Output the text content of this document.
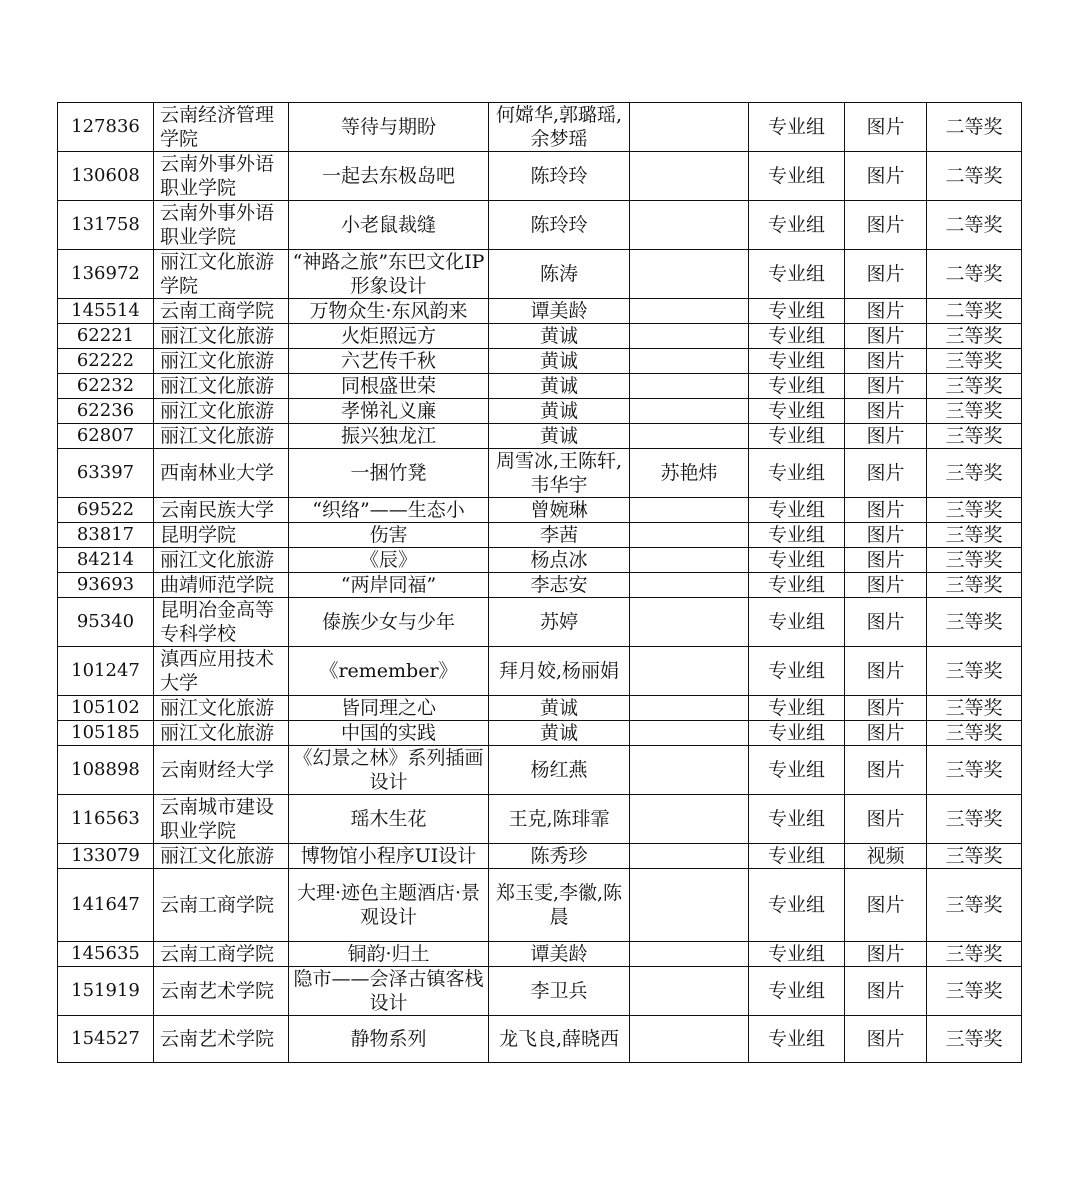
127836	云南经济管理学院	等待与期盼	何嫦华,郭璐瑶,余梦瑶		专业组	图片	二等奖
130608	云南外事外语职业学院	一起去东极岛吧	陈玲玲		专业组	图片	二等奖
131758	云南外事外语职业学院	小老鼠裁缝	陈玲玲		专业组	图片	二等奖
136972	丽江文化旅游学院	“神路之旅”东巴文化IP形象设计	陈涛		专业组	图片	二等奖
145514	云南工商学院	万物众生·东风韵来	谭美龄		专业组	图片	二等奖
62221	丽江文化旅游	火炬照远方	黄诚		专业组	图片	三等奖
62222	丽江文化旅游	六艺传千秋	黄诚		专业组	图片	三等奖
62232	丽江文化旅游	同根盛世荣	黄诚		专业组	图片	三等奖
62236	丽江文化旅游	孝悌礼义廉	黄诚		专业组	图片	三等奖
62807	丽江文化旅游	振兴独龙江	黄诚		专业组	图片	三等奖
63397	西南林业大学	一捆竹凳	周雪冰,王陈轩,韦华宇	苏艳炜	专业组	图片	三等奖
69522	云南民族大学	“织络”——生态小	曾婉琳		专业组	图片	三等奖
83817	昆明学院	伤害	李茜		专业组	图片	三等奖
84214	丽江文化旅游	《辰》	杨点冰		专业组	图片	三等奖
93693	曲靖师范学院	“两岸同福”	李志安		专业组	图片	三等奖
95340	昆明冶金高等专科学校	傣族少女与少年	苏婷		专业组	图片	三等奖
101247	滇西应用技术大学	《remember》	拜月姣,杨丽娟		专业组	图片	三等奖
105102	丽江文化旅游	皆同理之心	黄诚		专业组	图片	三等奖
105185	丽江文化旅游	中国的实践	黄诚		专业组	图片	三等奖
108898	云南财经大学	《幻景之林》系列插画设计	杨红燕		专业组	图片	三等奖
116563	云南城市建设职业学院	瑶木生花	王克,陈琲霏		专业组	图片	三等奖
133079	丽江文化旅游	博物馆小程序UI设计	陈秀珍		专业组	视频	三等奖
141647	云南工商学院	大理·迹色主题酒店·景观设计	郑玉雯,李徽,陈晨		专业组	图片	三等奖
145635	云南工商学院	铜韵·归土	谭美龄		专业组	图片	三等奖
151919	云南艺术学院	隐市——会泽古镇客栈设计	李卫兵		专业组	图片	三等奖
154527	云南艺术学院	静物系列	龙飞良,薛晓西		专业组	图片	三等奖
